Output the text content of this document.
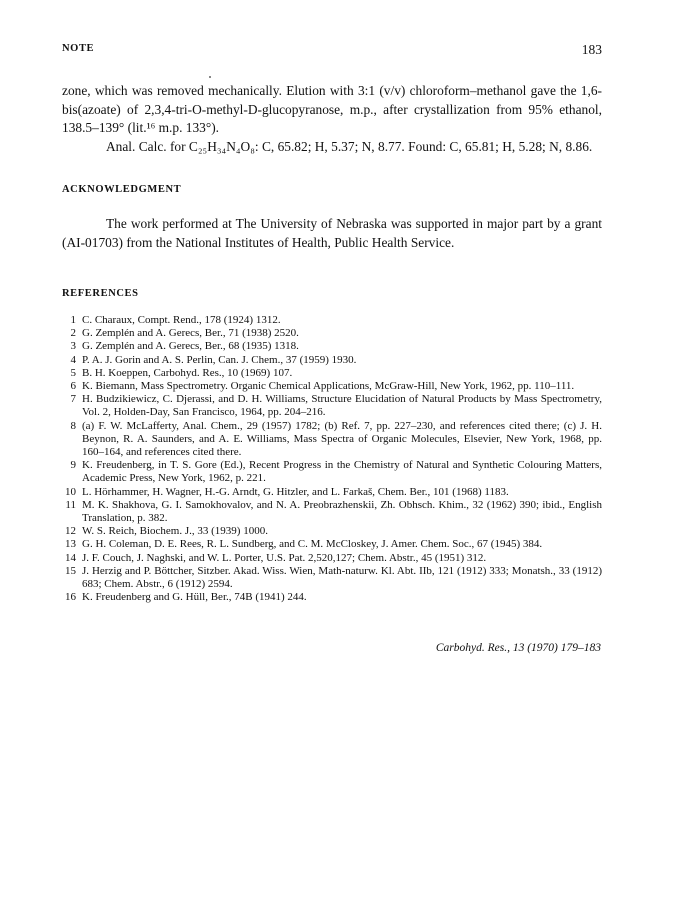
NOTE	183

zone, which was removed mechanically. Elution with 3:1 (v/v) chloroform–methanol gave the 1,6-bis(azoate) of 2,3,4-tri-O-methyl-D-glucopyranose, m.p., after crystallization from 95% ethanol, 138.5–139° (lit.¹⁶ m.p. 133°).

Anal. Calc. for C₂₅H₃₄N₄O₈: C, 65.82; H, 5.37; N, 8.77. Found: C, 65.81; H, 5.28; N, 8.86.

ACKNOWLEDGMENT

The work performed at The University of Nebraska was supported in major part by a grant (AI-01703) from the National Institutes of Health, Public Health Service.

REFERENCES
1 C. Charaux, Compt. Rend., 178 (1924) 1312.
2 G. Zemplén and A. Gerecs, Ber., 71 (1938) 2520.
3 G. Zemplén and A. Gerecs, Ber., 68 (1935) 1318.
4 P. A. J. Gorin and A. S. Perlin, Can. J. Chem., 37 (1959) 1930.
5 B. H. Koeppen, Carbohyd. Res., 10 (1969) 107.
6 K. Biemann, Mass Spectrometry. Organic Chemical Applications, McGraw-Hill, New York, 1962, pp. 110–111.
7 H. Budzikiewicz, C. Djerassi, and D. H. Williams, Structure Elucidation of Natural Products by Mass Spectrometry, Vol. 2, Holden-Day, San Francisco, 1964, pp. 204–216.
8 (a) F. W. McLafferty, Anal. Chem., 29 (1957) 1782; (b) Ref. 7, pp. 227–230, and references cited there; (c) J. H. Beynon, R. A. Saunders, and A. E. Williams, Mass Spectra of Organic Molecules, Elsevier, New York, 1968, pp. 160–164, and references cited there.
9 K. Freudenberg, in T. S. Gore (Ed.), Recent Progress in the Chemistry of Natural and Synthetic Colouring Matters, Academic Press, New York, 1962, p. 221.
10 L. Hörhammer, H. Wagner, H.-G. Arndt, G. Hitzler, and L. Farkaš, Chem. Ber., 101 (1968) 1183.
11 M. K. Shakhova, G. I. Samokhovalov, and N. A. Preobrazhenskii, Zh. Obhsch. Khim., 32 (1962) 390; ibid., English Translation, p. 382.
12 W. S. Reich, Biochem. J., 33 (1939) 1000.
13 G. H. Coleman, D. E. Rees, R. L. Sundberg, and C. M. McCloskey, J. Amer. Chem. Soc., 67 (1945) 384.
14 J. F. Couch, J. Naghski, and W. L. Porter, U.S. Pat. 2,520,127; Chem. Abstr., 45 (1951) 312.
15 J. Herzig and P. Böttcher, Sitzber. Akad. Wiss. Wien, Math-naturw. Kl. Abt. IIb, 121 (1912) 333; Monatsh., 33 (1912) 683; Chem. Abstr., 6 (1912) 2594.
16 K. Freudenberg and G. Hüll, Ber., 74B (1941) 244.
Carbohyd. Res., 13 (1970) 179–183
